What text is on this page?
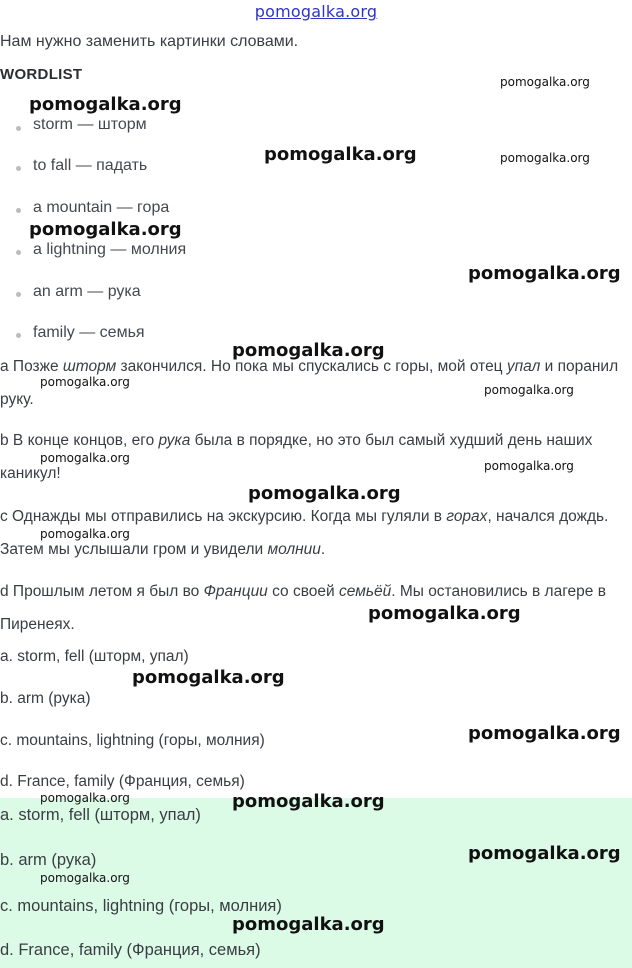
pomogalka.org
Нам нужно заменить картинки словами.
WORDLIST
storm — шторм
to fall — падать
a mountain — гора
a lightning — молния
an arm — рука
family — семья
а Позже шторм закончился. Но пока мы спускались с горы, мой отец упал и поранил руку.
b В конце концов, его рука была в порядке, но это был самый худший день наших каникул!
с Однажды мы отправились на экскурсию. Когда мы гуляли в горах, начался дождь. Затем мы услышали гром и увидели молнии.
d Прошлым летом я был во Франции со своей семьёй. Мы остановились в лагере в Пиренеях.
a. storm, fell (шторм, упал)
b. arm (рука)
c. mountains, lightning (горы, молния)
d. France, family (Франция, семья)
a. storm, fell (шторм, упал)
b. arm (рука)
c. mountains, lightning (горы, молния)
d. France, family (Франция, семья)
pomogalka.org
pomogalka.org
pomogalka.org	pomogalka.org
pomogalka.org
pomogalka.org
pomogalka.org
pomogalka.org
pomogalka.org
pomogalka.org
pomogalka.org
pomogalka.org
pomogalka.org
pomogalka.org
pomogalka.org
pomogalka.org
pomogalka.org	pomogalka.org
pomogalka.org
pomogalka.org
pomogalka.org
